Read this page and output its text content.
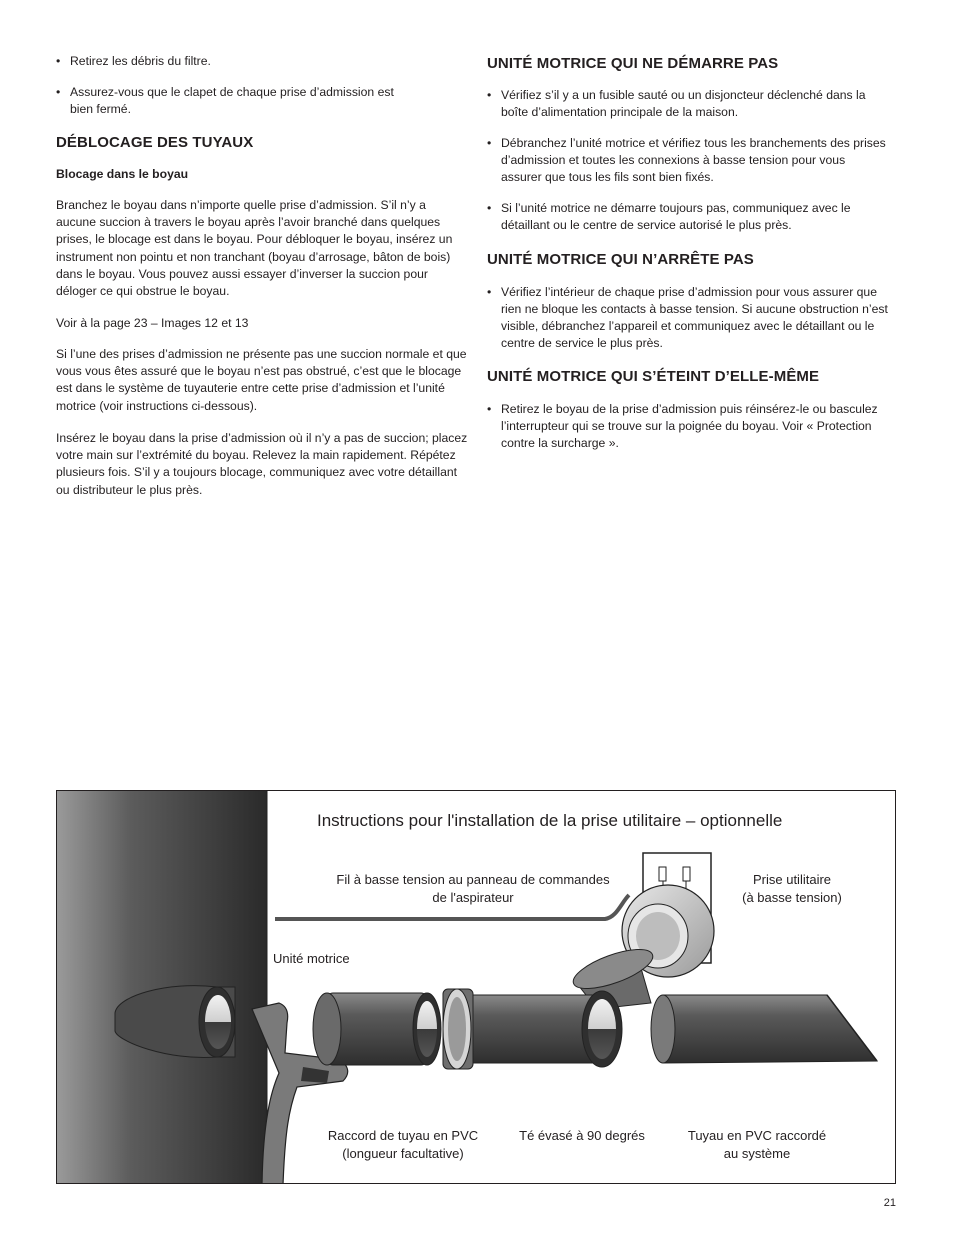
• Retirez les débris du filtre.
• Assurez-vous que le clapet de chaque prise d’admission est bien fermé.
DÉBLOCAGE DES TUYAUX
Blocage dans le boyau

Branchez le boyau dans n’importe quelle prise d’admission. S’il n’y a aucune succion à travers le boyau après l’avoir branché dans quelques prises, le blocage est dans le boyau. Pour débloquer le boyau, insérez un instrument non pointu et non tranchant (boyau d’arrosage, bâton de bois) dans le boyau. Vous pouvez aussi essayer d’inverser la succion pour déloger ce qui obstrue le boyau.

Voir à la page 23 – Images 12 et 13

Si l’une des prises d’admission ne présente pas une succion normale et que vous vous êtes assuré que le boyau n’est pas obstrué, c’est que le blocage est dans le système de tuyauterie entre cette prise d’admission et l’unité motrice (voir instructions ci-dessous).

Insérez le boyau dans la prise d’admission où il n’y a pas de succion; placez votre main sur l’extrémité du boyau. Relevez la main rapidement. Répétez plusieurs fois. S’il y a toujours blocage, communiquez avec votre détaillant ou distributeur le plus près.

UNITÉ MOTRICE QUI NE DÉMARRE PAS
• Vérifiez s’il y a un fusible sauté ou un disjoncteur déclenché dans la boîte d’alimentation principale de la maison.
• Débranchez l’unité motrice et vérifiez tous les branchements des prises d’admission et toutes les connexions à basse tension pour vous assurer que tous les fils sont bien fixés.
• Si l’unité motrice ne démarre toujours pas, communiquez avec le détaillant ou le centre de service autorisé le plus près.
UNITÉ MOTRICE QUI N’ARRÊTE PAS
• Vérifiez l’intérieur de chaque prise d’admission pour vous assurer que rien ne bloque les contacts à basse tension. Si aucune obstruction n’est visible, débranchez l’appareil et communiquez avec le détaillant ou le centre de service le plus près.
UNITÉ MOTRICE QUI S’ÉTEINT D’ELLE-MÊME
• Retirez le boyau de la prise d’admission puis réinsérez-le ou basculez l’interrupteur qui se trouve sur la poignée du boyau. Voir « Protection contre la surcharge ».
Instructions pour l'installation de la prise utilitaire – optionnelle
Fil à basse tension au panneau de commandes
de l'aspirateur
Prise utilitaire
(à basse tension)
Unité motrice
Raccord de tuyau en PVC
(longueur facultative)
Té évasé à 90 degrés	Tuyau en PVC raccordé
au système
21
